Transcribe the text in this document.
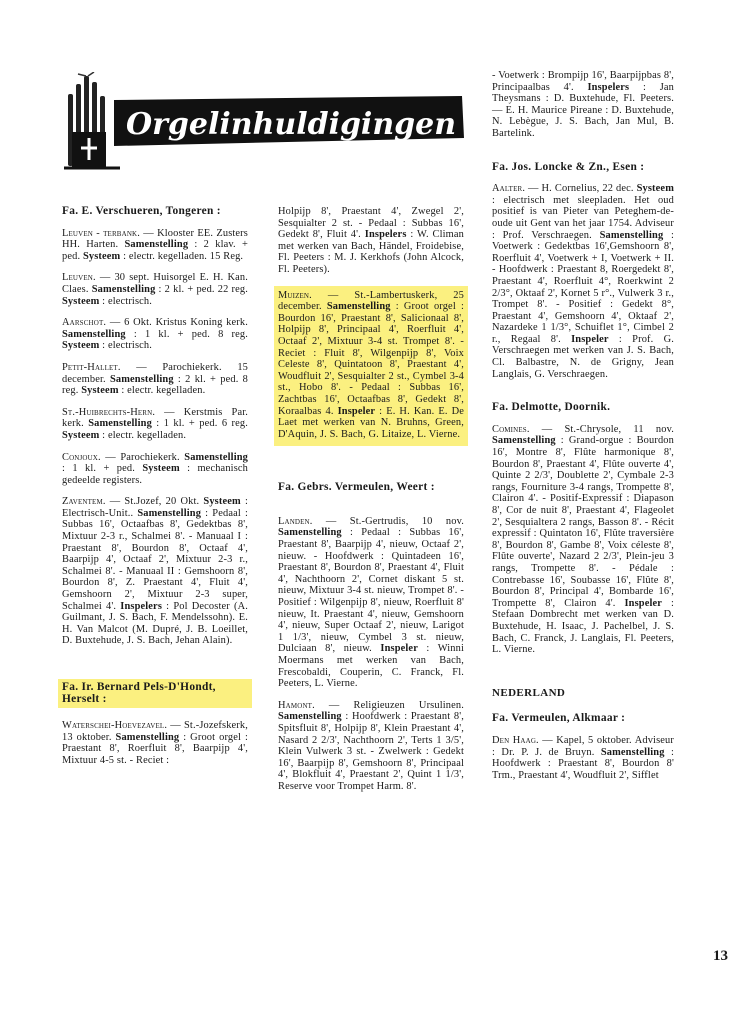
Orgelinhuldigingen
Fa. E. Verschueren, Tongeren :
Leuven - terbank. — Klooster EE. Zusters HH. Harten. Samenstelling : 2 klav. + ped. Systeem : electr. kegelladen. 15 Reg.
Leuven. — 30 sept. Huisorgel E. H. Kan. Claes. Samenstelling : 2 kl. + ped. 22 reg. Systeem : electrisch.
Aarschot. — 6 Okt. Kristus Koning kerk. Samenstelling : 1 kl. + ped. 8 reg. Systeem : electrisch.
Petit-Hallet. — Parochiekerk. 15 december. Samenstelling : 2 kl. + ped. 8 reg. Systeem : electr. kegelladen.
St.-Huibrechts-Hern. — Kerstmis Par. kerk. Samenstelling : 1 kl. + ped. 6 reg. Systeem : electr. kegelladen.
Conjoux. — Parochiekerk. Samenstelling : 1 kl. + ped. Systeem : mechanisch gedeelde registers.
Zaventem. — St.Jozef, 20 Okt. Systeem : Electrisch-Unit.. Samenstelling : Pedaal : Subbas 16', Octaafbas 8', Gedektbas 8', Mixtuur 2-3 r., Schalmei 8'. - Manuaal I : Praestant 8', Bourdon 8', Octaaf 4', Baarpijp 4', Octaaf 2', Mixtuur 2-3 r., Schalmei 8'. - Manuaal II : Gemshoorn 8', Bourdon 8', Z. Praestant 4', Fluit 4', Gemshoorn 2', Mixtuur 2-3 super, Schalmei 4'. Inspelers : Pol Decoster (A. Guilmant, J. S. Bach, F. Mendelssohn). E. H. Van Malcot (M. Dupré, J. B. Loeillet, D. Buxtehude, J. S. Bach, Jehan Alain).
Fa. Ir. Bernard Pels-D'Hondt, Herselt :
Waterschei-Hoevezavel. — St.-Jozefskerk, 13 oktober. Samenstelling : Groot orgel : Praestant 8', Roerfluit 8', Baarpijp 4', Mixtuur 4-5 st. - Reciet :
Holpijp 8', Praestant 4', Zwegel 2', Sesquialter 2 st. - Pedaal : Subbas 16', Gedekt 8', Fluit 4'. Inspelers : W. Climan met werken van Bach, Händel, Froidebise, Fl. Peeters : M. J. Kerkhofs (John Alcock, Fl. Peeters).
Muizen. — St.-Lambertuskerk, 25 december. Samenstelling : Groot orgel : Bourdon 16', Praestant 8', Salicionaal 8', Holpijp 8', Principaal 4', Roerfluit 4', Octaaf 2', Mixtuur 3-4 st. Trompet 8'. - Reciet : Fluit 8', Wilgenpijp 8', Voix Celeste 8', Quintatoon 8', Praestant 4', Woudfluit 2', Sesquialter 2 st., Cymbel 3-4 st., Hobo 8'. - Pedaal : Subbas 16', Zachtbas 16', Octaafbas 8', Gedekt 8', Koraalbas 4. Inspeler : E. H. Kan. E. De Laet met werken van N. Bruhns, Green, D'Aquin, J. S. Bach, G. Litaize, L. Vierne.
Fa. Gebrs. Vermeulen, Weert :
Landen. — St.-Gertrudis, 10 nov. Samenstelling : Pedaal : Subbas 16', Praestant 8', Baarpijp 4', nieuw, Octaaf 2', nieuw. - Hoofdwerk : Quintadeen 16', Praestant 8', Bourdon 8', Praestant 4', Fluit 4', Nachthoorn 2', Cornet diskant 5 st. nieuw, Mixtuur 3-4 st. nieuw, Trompet 8'. - Positief : Wilgenpijp 8', nieuw, Roerfluit 8' nieuw, It. Praestant 4', nieuw, Gemshoorn 4', nieuw, Super Octaaf 2', nieuw, Larigot 1 1/3', nieuw, Cymbel 3 st. nieuw, Dulciaan 8', nieuw. Inspeler : Winni Moermans met werken van Bach, Frescobaldi, Couperin, C. Franck, Fl. Peeters, L. Vierne.
Hamont. — Religieuzen Ursulinen. Samenstelling : Hoofdwerk : Praestant 8', Spitsfluit 8', Holpijp 8', Klein Praestant 4', Nasard 2 2/3', Nachthoorn 2', Terts 1 3/5', Klein Vulwerk 3 st. - Zwelwerk : Gedekt 16', Baarpijp 8', Gemshoorn 8', Principaal 4', Blokfluit 4', Praestant 2', Quint 1 1/3', Reserve voor Trompet Harm. 8'.
- Voetwerk : Brompijp 16', Baarpijpbas 8', Principaalbas 4'. Inspelers : Jan Theysmans : D. Buxtehude, Fl. Peeters. — E. H. Maurice Pireane : D. Buxtehude, N. Lebègue, J. S. Bach, Jan Mul, B. Bartelink.
Fa. Jos. Loncke & Zn., Esen :
Aalter. — H. Cornelius, 22 dec. Systeem : electrisch met sleepladen. Het oud positief is van Pieter van Peteghem-de-oude uit Gent van het jaar 1754. Adviseur : Prof. Verschraegen. Samenstelling : Voetwerk : Gedektbas 16',Gemshoorn 8', Roerfluit 4', Voetwerk + I, Voetwerk + II. - Hoofdwerk : Praestant 8, Roergedekt 8', Praestant 4', Roerfluit 4°, Roerkwint 2 2/3°, Oktaaf 2', Kornet 5 r°., Vulwerk 3 r., Trompet 8'. - Positief : Gedekt 8°, Praestant 4', Gemshoorn 4', Oktaaf 2', Nazardeke 1 1/3°, Schuiflet 1°, Cimbel 2 r., Regaal 8'. Inspeler : Prof. G. Verschraegen met werken van J. S. Bach, Cl. Balbastre, N. de Grigny, Jean Langlais, G. Verschraegen.
Fa. Delmotte, Doornik.
Comines. — St.-Chrysole, 11 nov. Samenstelling : Grand-orgue : Bourdon 16', Montre 8', Flûte harmonique 8', Bourdon 8', Praestant 4', Flûte ouverte 4', Quinte 2 2/3', Doublette 2', Cymbale 2-3 rangs, Fourniture 3-4 rangs, Trompette 8', Clairon 4'. - Positif-Expressif : Diapason 8', Cor de nuit 8', Praestant 4', Flageolet 2', Sesquialtera 2 rangs, Basson 8'. - Récit expressif : Quintaton 16', Flûte traversière 8', Bourdon 8', Gambe 8', Voix céleste 8', Flûte ouverte', Nazard 2 2/3', Plein-jeu 3 rangs, Trompette 8'. - Pédale : Contrebasse 16', Soubasse 16', Flûte 8', Bourdon 8', Principal 4', Bombarde 16', Trompette 8', Clairon 4'. Inspeler : Stefaan Dombrecht met werken van D. Buxtehude, H. Isaac, J. Pachelbel, J. S. Bach, C. Franck, J. Langlais, Fl. Peeters, L. Vierne.
NEDERLAND
Fa. Vermeulen, Alkmaar :
Den Haag. — Kapel, 5 oktober. Adviseur : Dr. P. J. de Bruyn. Samenstelling : Hoofdwerk : Praestant 8', Bourdon 8' Trm., Praestant 4', Woudfluit 2', Sifflet
13
